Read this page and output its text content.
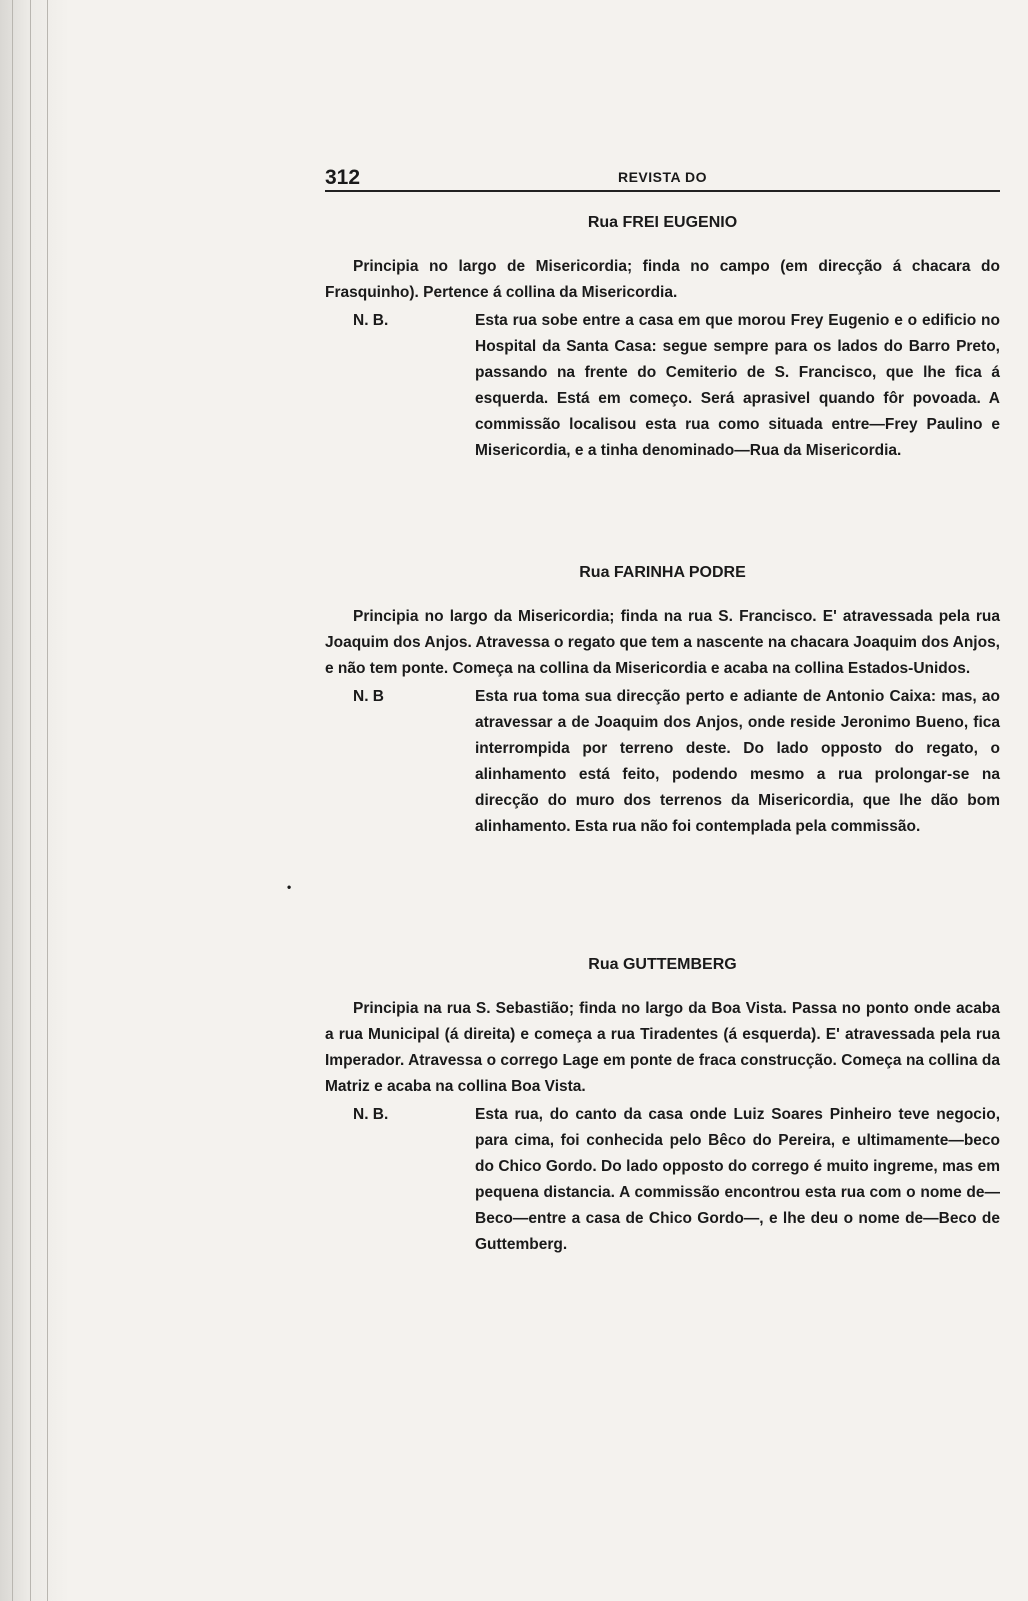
•
312	REVISTA DO
Rua FREI EUGENIO

Principia no largo de Misericordia; finda no campo (em direcção á chacara do Frasquinho). Pertence á collina da Misericordia.

N. B.	Esta rua sobe entre a casa em que morou Frey Eugenio e o edificio no Hospital da Santa Casa: segue sempre para os lados do Barro Preto, passando na frente do Cemiterio de S. Francisco, que lhe fica á esquerda. Está em começo. Será aprasivel quando fôr povoada. A commissão localisou esta rua como situada entre—Frey Paulino e Misericordia, e a tinha denominado—Rua da Misericordia.

Rua FARINHA PODRE

Principia no largo da Misericordia; finda na rua S. Francisco. E' atravessada pela rua Joaquim dos Anjos. Atravessa o regato que tem a nascente na chacara Joaquim dos Anjos, e não tem ponte. Começa na collina da Misericordia e acaba na collina Estados-Unidos.

N. B	Esta rua toma sua direcção perto e adiante de Antonio Caixa: mas, ao atravessar a de Joaquim dos Anjos, onde reside Jeronimo Bueno, fica interrompida por terreno deste. Do lado opposto do regato, o alinhamento está feito, podendo mesmo a rua prolongar-se na direcção do muro dos terrenos da Misericordia, que lhe dão bom alinhamento. Esta rua não foi contemplada pela commissão.

Rua GUTTEMBERG

Principia na rua S. Sebastião; finda no largo da Boa Vista. Passa no ponto onde acaba a rua Municipal (á direita) e começa a rua Tiradentes (á esquerda). E' atravessada pela rua Imperador. Atravessa o corrego Lage em ponte de fraca construcção. Começa na collina da Matriz e acaba na collina Boa Vista.

N. B.	Esta rua, do canto da casa onde Luiz Soares Pinheiro teve negocio, para cima, foi conhecida pelo Bêco do Pereira, e ultimamente—beco do Chico Gordo. Do lado opposto do corrego é muito ingreme, mas em pequena distancia. A commissão encontrou esta rua com o nome de—Beco—entre a casa de Chico Gordo—, e lhe deu o nome de—Beco de Guttemberg.
